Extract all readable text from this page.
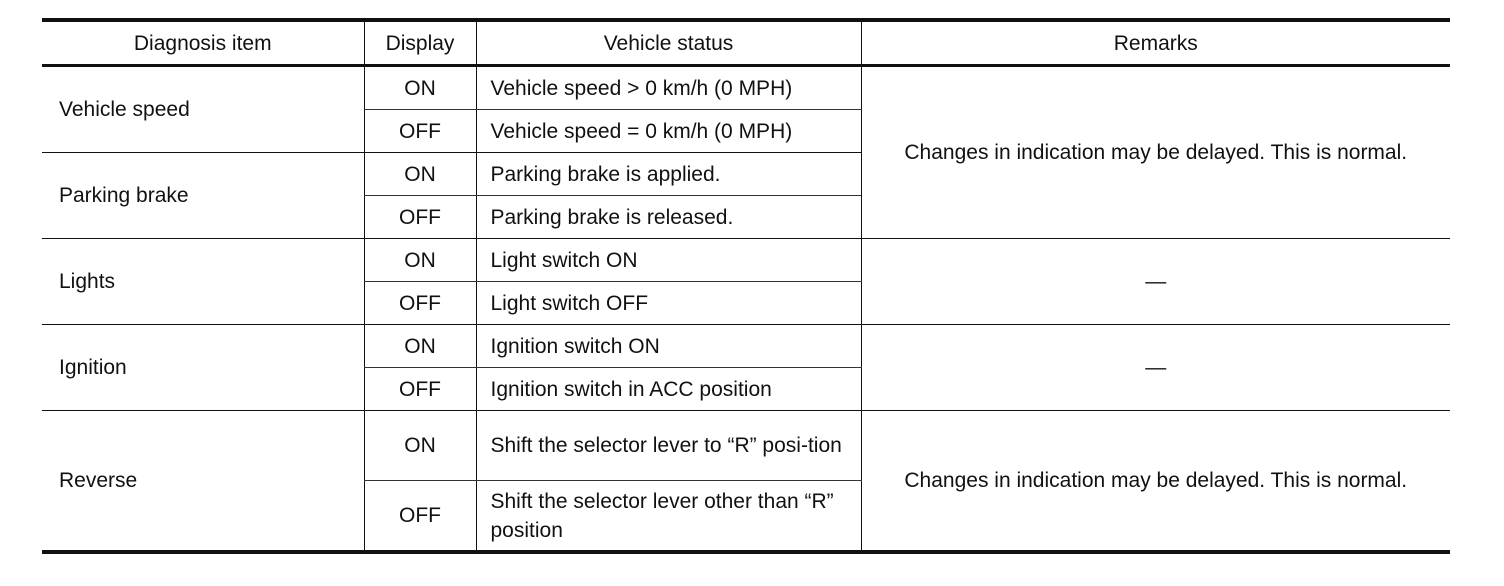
Diagnosis item	Display	Vehicle status	Remarks
Vehicle speed	ON	Vehicle speed > 0 km/h (0 MPH)	Changes in indication may be delayed. This is normal.
	OFF	Vehicle speed = 0 km/h (0 MPH)	
Parking brake	ON	Parking brake is applied.	
	OFF	Parking brake is released.	
Lights	ON	Light switch ON	—
	OFF	Light switch OFF	
Ignition	ON	Ignition switch ON	—
	OFF	Ignition switch in ACC position	
Reverse	ON	Shift the selector lever to “R” posi-tion	Changes in indication may be delayed. This is normal.
	OFF	Shift the selector lever other than “R” position	
